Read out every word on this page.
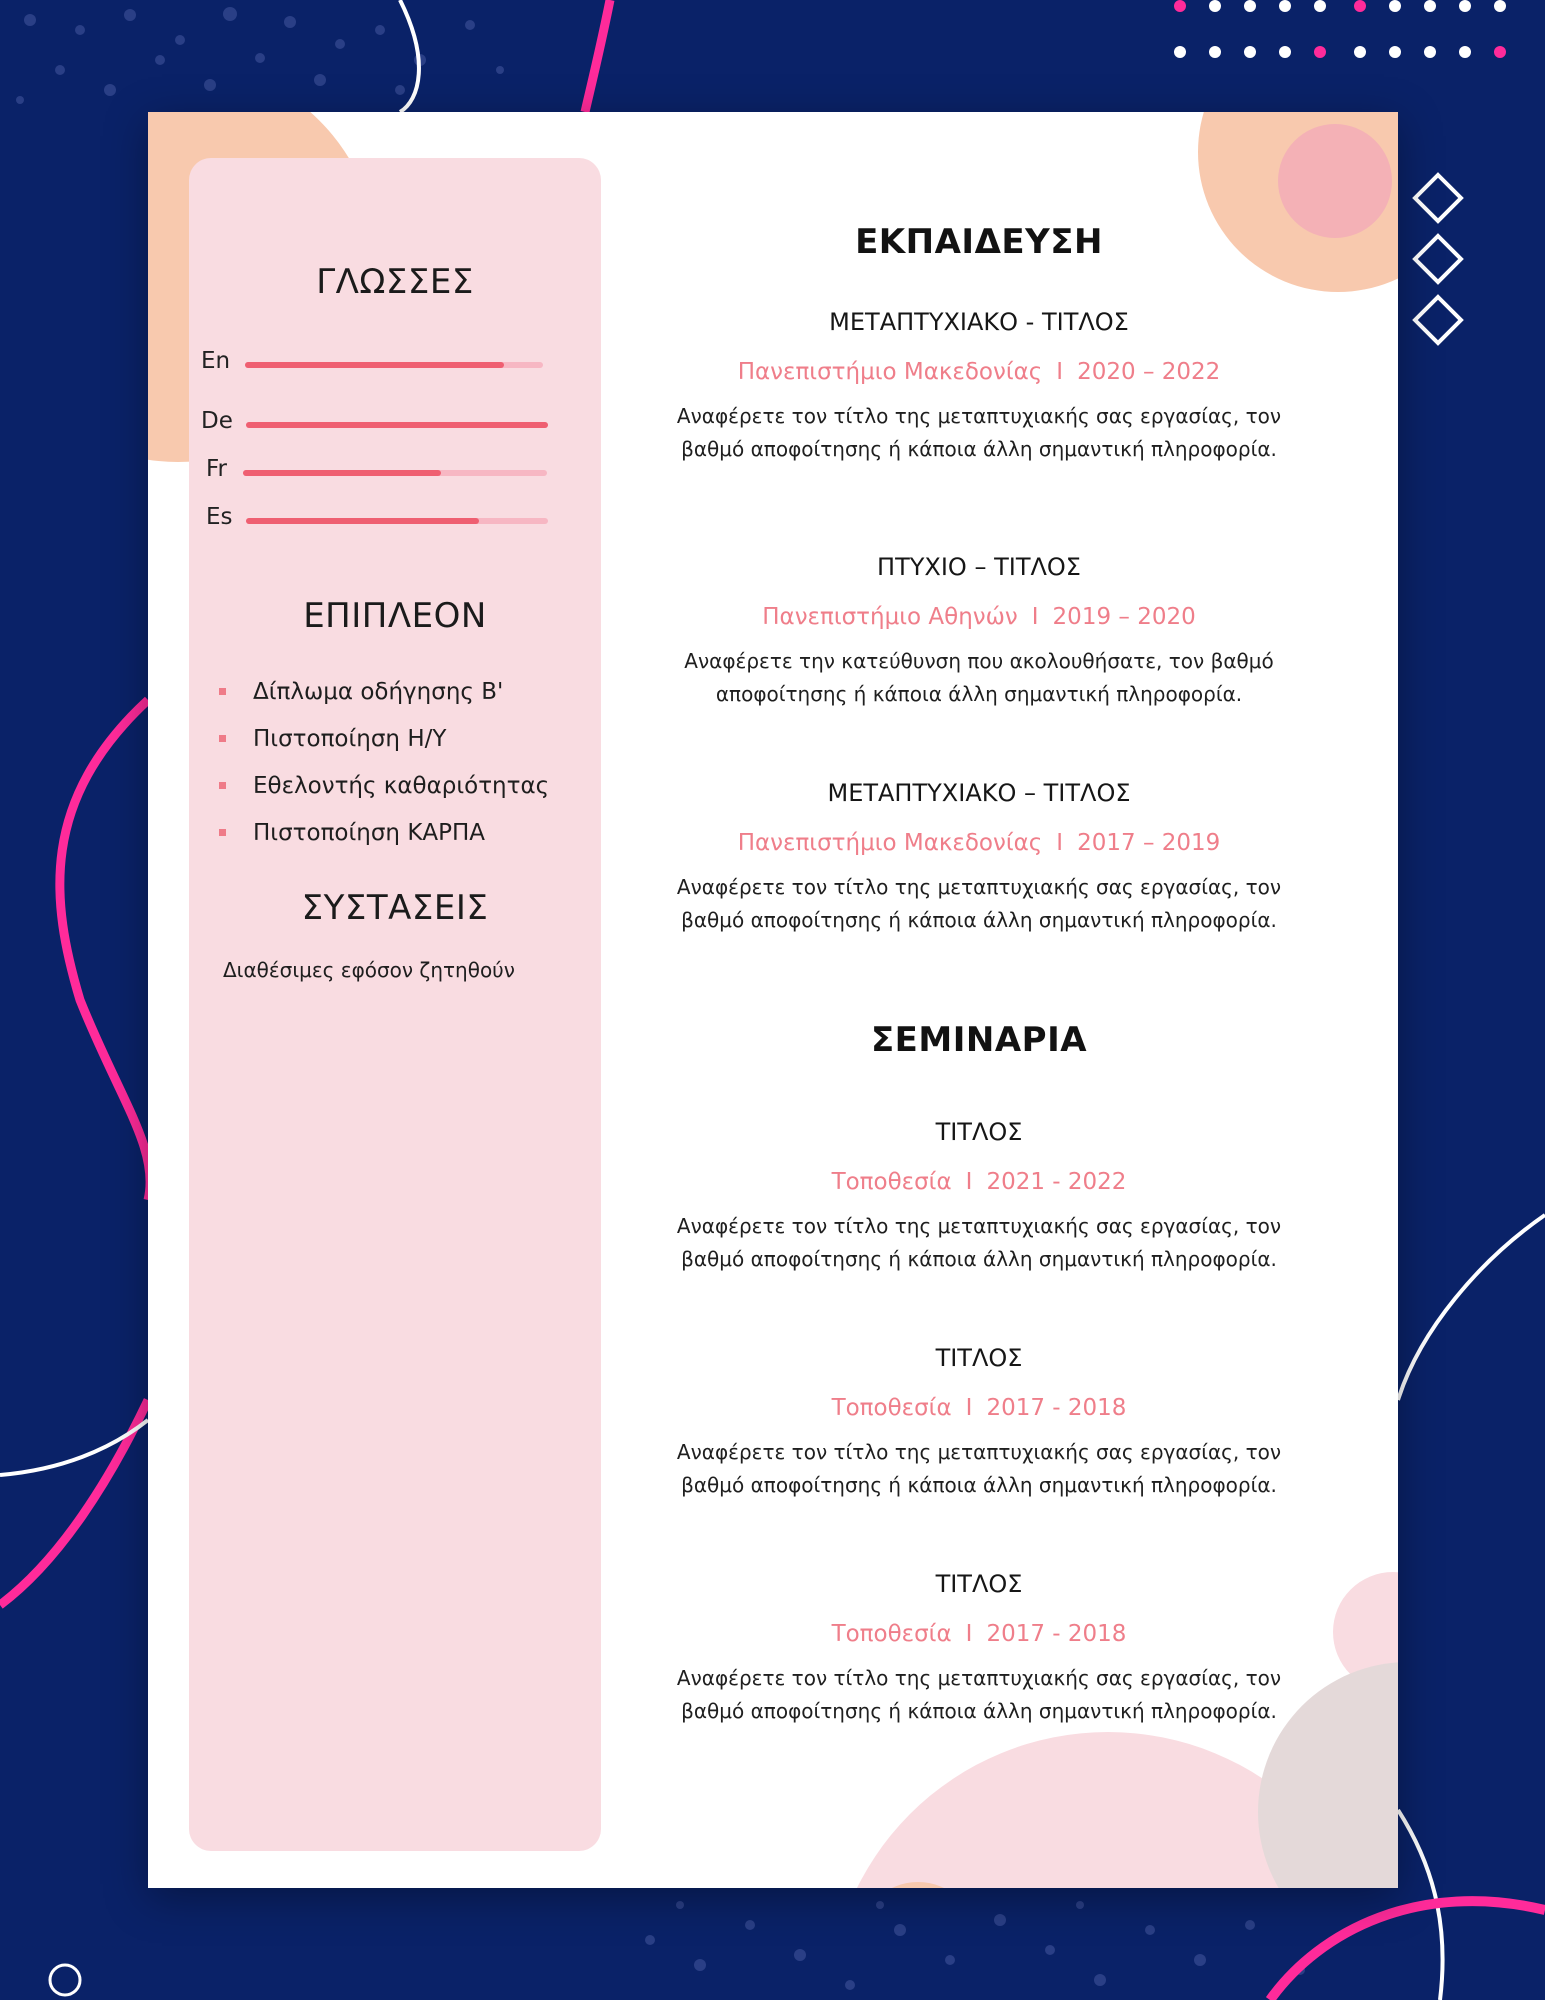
ΓΛΩΣΣΕΣ
En
De
Fr
Es
ΕΠΙΠΛΕΟΝ
Δίπλωμα οδήγησης Β'
Πιστοποίηση Η/Υ
Εθελοντής καθαριότητας
Πιστοποίηση ΚΑΡΠΑ
ΣΥΣΤΑΣΕΙΣ
Διαθέσιμες εφόσον ζητηθούν
ΕΚΠΑΙΔΕΥΣΗ
ΜΕΤΑΠΤΥΧΙΑΚΟ - ΤΙΤΛΟΣ
Πανεπιστήμιο Μακεδονίας I 2020 – 2022
Αναφέρετε τον τίτλο της μεταπτυχιακής σας εργασίας, τον βαθμό αποφοίτησης ή κάποια άλλη σημαντική πληροφορία.
ΠΤΥΧΙΟ – ΤΙΤΛΟΣ
Πανεπιστήμιο Αθηνών I 2019 – 2020
Αναφέρετε την κατεύθυνση που ακολουθήσατε, τον βαθμό αποφοίτησης ή κάποια άλλη σημαντική πληροφορία.
ΜΕΤΑΠΤΥΧΙΑΚΟ – ΤΙΤΛΟΣ
Πανεπιστήμιο Μακεδονίας I 2017 – 2019
Αναφέρετε τον τίτλο της μεταπτυχιακής σας εργασίας, τον βαθμό αποφοίτησης ή κάποια άλλη σημαντική πληροφορία.
ΣΕΜΙΝΑΡΙΑ
ΤΙΤΛΟΣ
Τοποθεσία I 2021 - 2022
Αναφέρετε τον τίτλο της μεταπτυχιακής σας εργασίας, τον βαθμό αποφοίτησης ή κάποια άλλη σημαντική πληροφορία.
ΤΙΤΛΟΣ
Τοποθεσία I 2017 - 2018
Αναφέρετε τον τίτλο της μεταπτυχιακής σας εργασίας, τον βαθμό αποφοίτησης ή κάποια άλλη σημαντική πληροφορία.
ΤΙΤΛΟΣ
Τοποθεσία I 2017 - 2018
Αναφέρετε τον τίτλο της μεταπτυχιακής σας εργασίας, τον βαθμό αποφοίτησης ή κάποια άλλη σημαντική πληροφορία.
